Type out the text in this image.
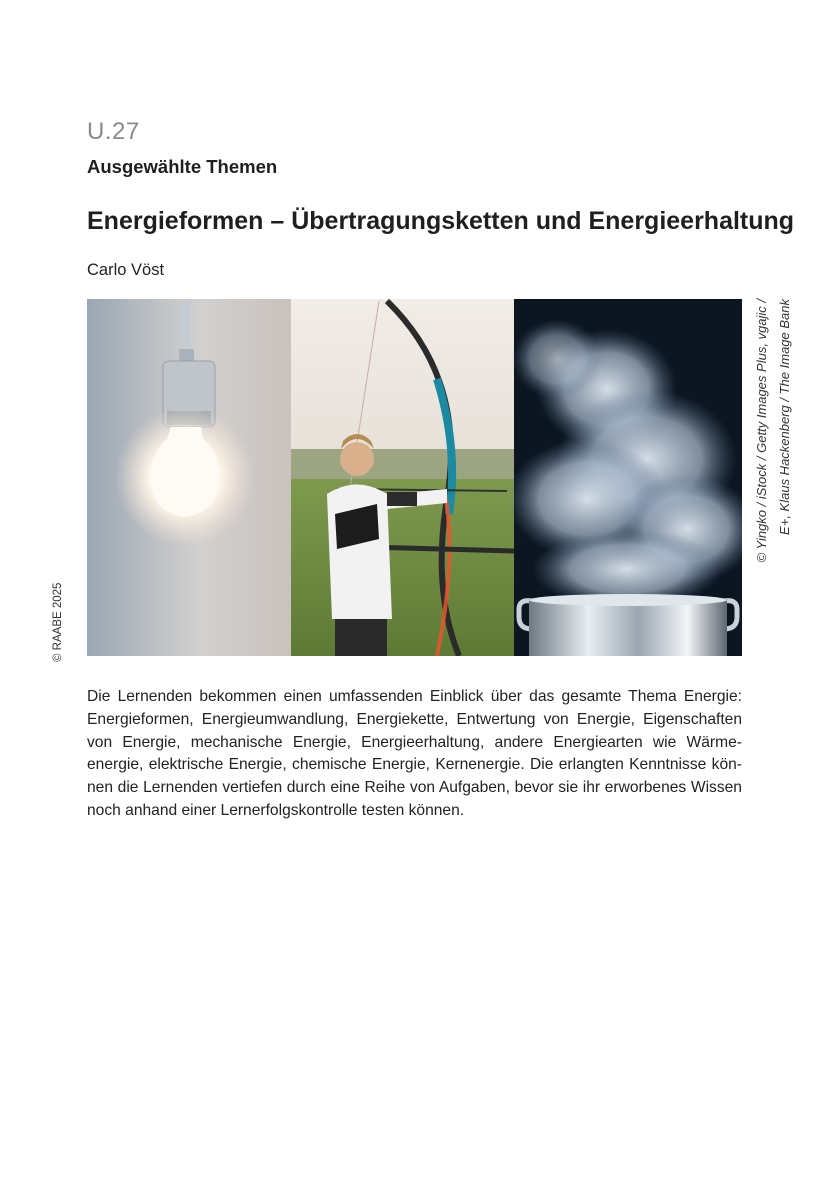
U.27
Ausgewählte Themen
Energieformen – Übertragungsketten und Energieerhaltung
Carlo Vöst
© Yingko / iStock / Getty Images Plus, vgajic / E+, Klaus Hackenberg / The Image Bank
© RAABE 2025

Die Lernenden bekommen einen umfassenden Einblick über das gesamte Thema Energie: Energieformen, Energieumwandlung, Energiekette, Entwertung von Energie, Eigenschaften von Energie, mechanische Energie, Energieerhaltung, andere Energiearten wie Wärmeenergie, elektrische Energie, chemische Energie, Kernenergie. Die erlangten Kenntnisse können die Lernenden vertiefen durch eine Reihe von Aufgaben, bevor sie ihr erworbenes Wissen noch anhand einer Lernerfolgskontrolle testen können.
